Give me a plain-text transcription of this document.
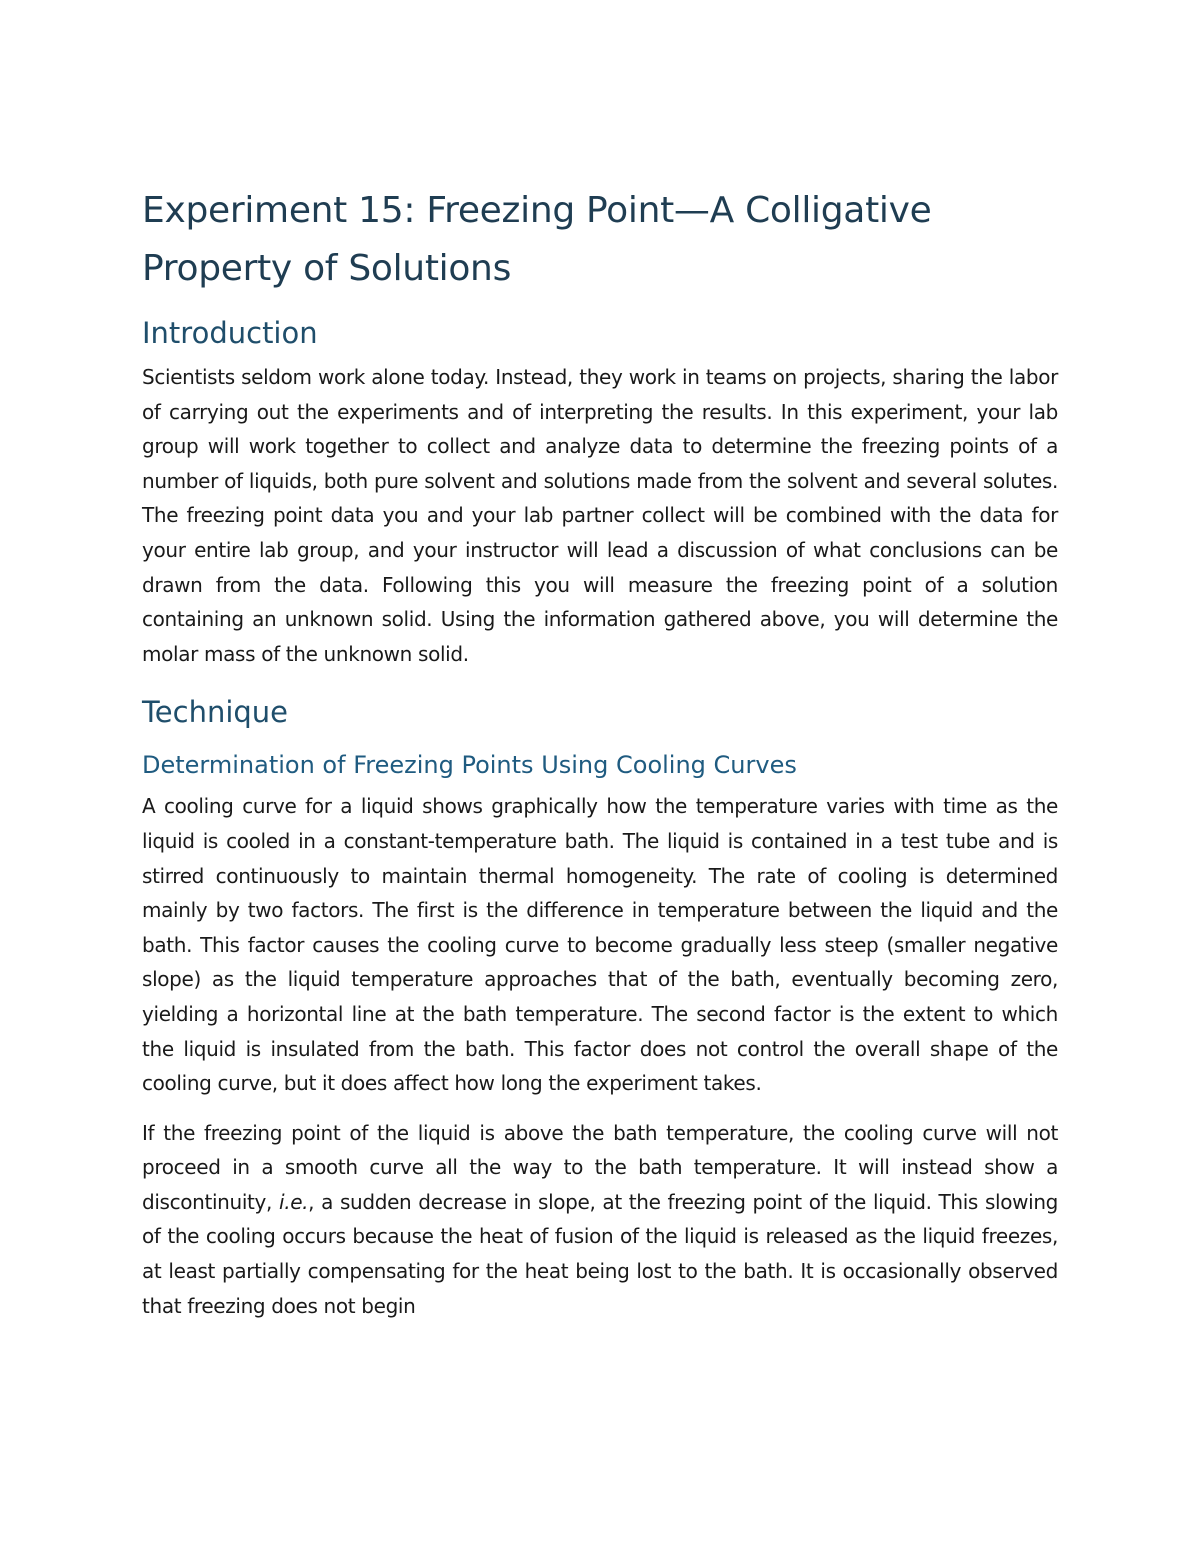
Experiment 15: Freezing Point—A Colligative Property of Solutions
Introduction

Scientists seldom work alone today. Instead, they work in teams on projects, sharing the labor of carrying out the experiments and of interpreting the results. In this experiment, your lab group will work together to collect and analyze data to determine the freezing points of a number of liquids, both pure solvent and solutions made from the solvent and several solutes. The freezing point data you and your lab partner collect will be combined with the data for your entire lab group, and your instructor will lead a discussion of what conclusions can be drawn from the data. Following this you will measure the freezing point of a solution containing an unknown solid. Using the information gathered above, you will determine the molar mass of the unknown solid.

Technique
Determination of Freezing Points Using Cooling Curves

A cooling curve for a liquid shows graphically how the temperature varies with time as the liquid is cooled in a constant-temperature bath. The liquid is contained in a test tube and is stirred continuously to maintain thermal homogeneity. The rate of cooling is determined mainly by two factors. The first is the difference in temperature between the liquid and the bath. This factor causes the cooling curve to become gradually less steep (smaller negative slope) as the liquid temperature approaches that of the bath, eventually becoming zero, yielding a horizontal line at the bath temperature. The second factor is the extent to which the liquid is insulated from the bath. This factor does not control the overall shape of the cooling curve, but it does affect how long the experiment takes.

If the freezing point of the liquid is above the bath temperature, the cooling curve will not proceed in a smooth curve all the way to the bath temperature. It will instead show a discontinuity, i.e., a sudden decrease in slope, at the freezing point of the liquid. This slowing of the cooling occurs because the heat of fusion of the liquid is released as the liquid freezes, at least partially compensating for the heat being lost to the bath. It is occasionally observed that freezing does not begin
